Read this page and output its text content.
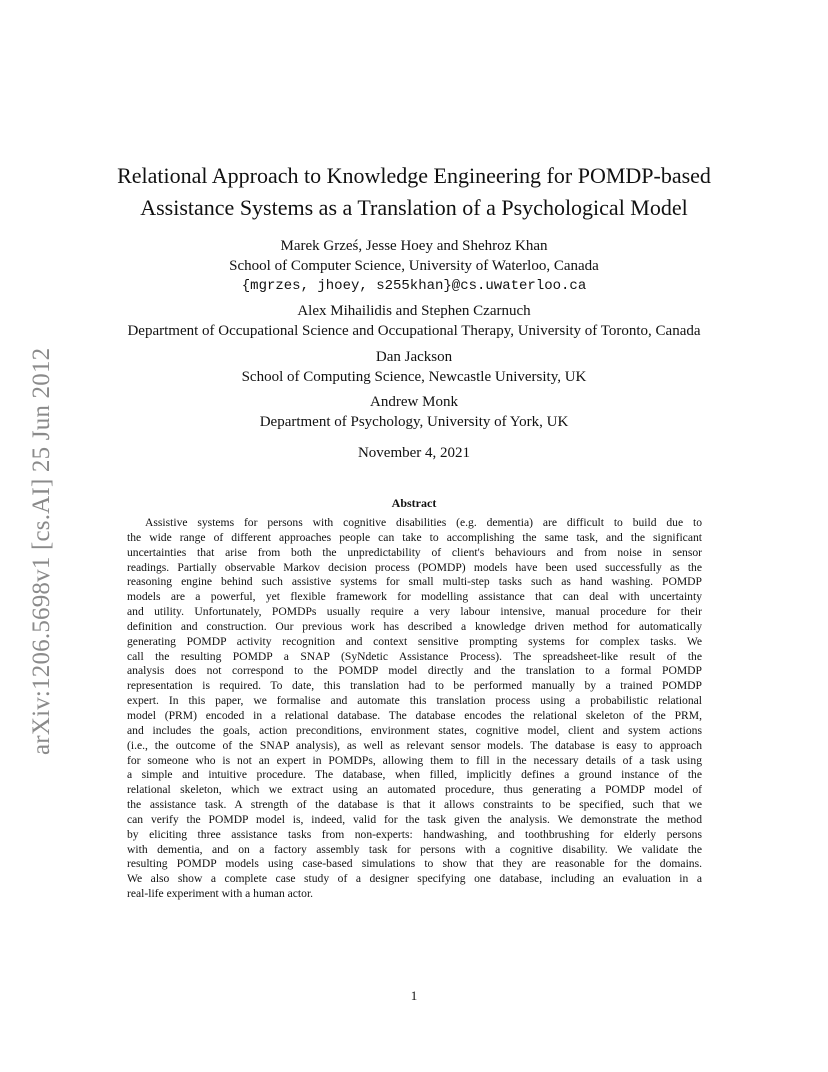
arXiv:1206.5698v1 [cs.AI] 25 Jun 2012
Relational Approach to Knowledge Engineering for POMDP-based
Assistance Systems as a Translation of a Psychological Model
Marek Grześ, Jesse Hoey and Shehroz Khan
School of Computer Science, University of Waterloo, Canada
{mgrzes, jhoey, s255khan}@cs.uwaterloo.ca
Alex Mihailidis and Stephen Czarnuch
Department of Occupational Science and Occupational Therapy, University of Toronto, Canada
Dan Jackson
School of Computing Science, Newcastle University, UK
Andrew Monk
Department of Psychology, University of York, UK
November 4, 2021
Abstract
Assistive systems for persons with cognitive disabilities (e.g. dementia) are difficult to build due to
the wide range of different approaches people can take to accomplishing the same task, and the significant
uncertainties that arise from both the unpredictability of client's behaviours and from noise in sensor
readings. Partially observable Markov decision process (POMDP) models have been used successfully as the
reasoning engine behind such assistive systems for small multi-step tasks such as hand washing. POMDP
models are a powerful, yet flexible framework for modelling assistance that can deal with uncertainty
and utility. Unfortunately, POMDPs usually require a very labour intensive, manual procedure for their
definition and construction. Our previous work has described a knowledge driven method for automatically
generating POMDP activity recognition and context sensitive prompting systems for complex tasks. We
call the resulting POMDP a SNAP (SyNdetic Assistance Process). The spreadsheet-like result of the
analysis does not correspond to the POMDP model directly and the translation to a formal POMDP
representation is required. To date, this translation had to be performed manually by a trained POMDP
expert. In this paper, we formalise and automate this translation process using a probabilistic relational
model (PRM) encoded in a relational database. The database encodes the relational skeleton of the PRM,
and includes the goals, action preconditions, environment states, cognitive model, client and system actions
(i.e., the outcome of the SNAP analysis), as well as relevant sensor models. The database is easy to approach
for someone who is not an expert in POMDPs, allowing them to fill in the necessary details of a task using
a simple and intuitive procedure. The database, when filled, implicitly defines a ground instance of the
relational skeleton, which we extract using an automated procedure, thus generating a POMDP model of
the assistance task. A strength of the database is that it allows constraints to be specified, such that we
can verify the POMDP model is, indeed, valid for the task given the analysis. We demonstrate the method
by eliciting three assistance tasks from non-experts: handwashing, and toothbrushing for elderly persons
with dementia, and on a factory assembly task for persons with a cognitive disability. We validate the
resulting POMDP models using case-based simulations to show that they are reasonable for the domains.
We also show a complete case study of a designer specifying one database, including an evaluation in a
real-life experiment with a human actor.
1
